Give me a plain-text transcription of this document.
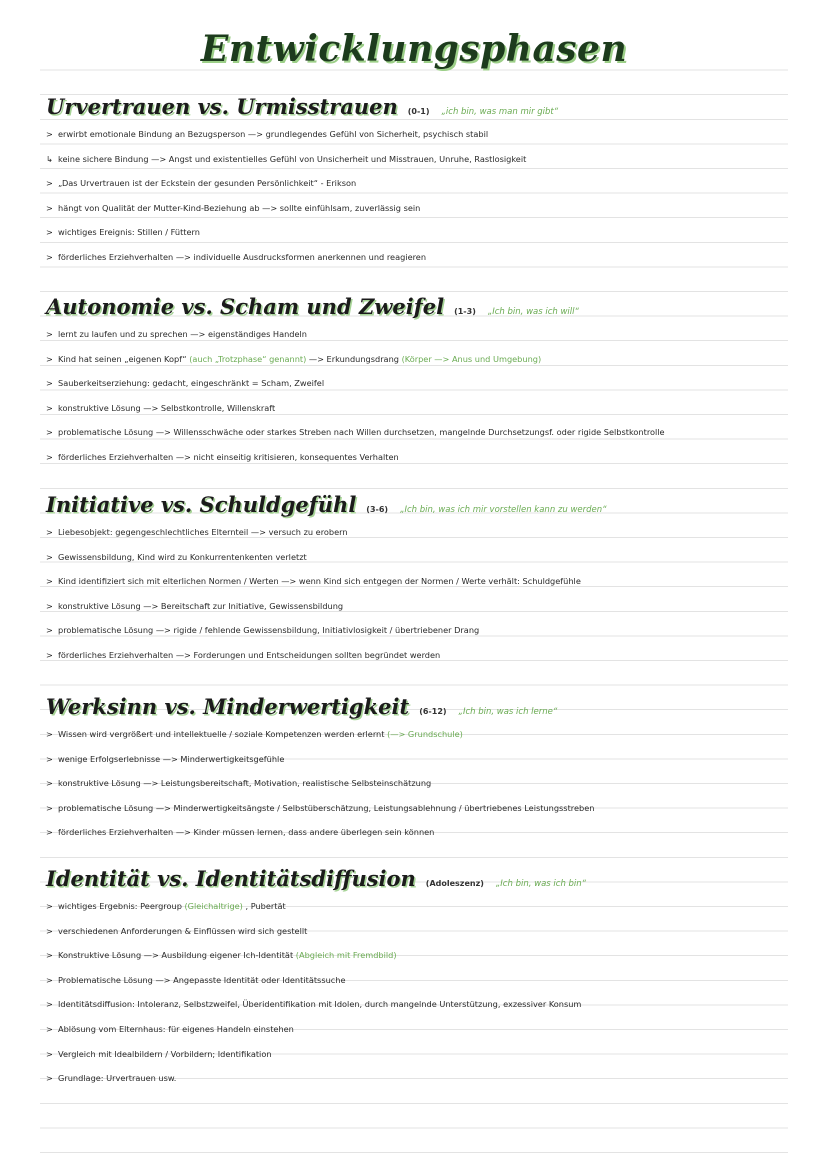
Entwicklungsphasen
Urvertrauen vs. Urmisstrauen (0-1) „ich bin, was man mir gibt“
> erwirbt emotionale Bindung an Bezugsperson —> grundlegendes Gefühl von Sicherheit, psychisch stabil
↳ keine sichere Bindung —> Angst und existentielles Gefühl von Unsicherheit und Misstrauen, Unruhe, Rastlosigkeit
> „Das Urvertrauen ist der Eckstein der gesunden Persönlichkeit“ - Erikson
> hängt von Qualität der Mutter-Kind-Beziehung ab —> sollte einfühlsam, zuverlässig sein
> wichtiges Ereignis: Stillen / Füttern
> förderliches Erziehverhalten —> individuelle Ausdrucksformen anerkennen und reagieren
Autonomie vs. Scham und Zweifel (1-3) „Ich bin, was ich will“
> lernt zu laufen und zu sprechen —> eigenständiges Handeln
> Kind hat seinen „eigenen Kopf“ (auch „Trotzphase“ genannt) —> Erkundungsdrang (Körper —> Anus und Umgebung)
> Sauberkeitserziehung: gedacht, eingeschränkt = Scham, Zweifel
> konstruktive Lösung —> Selbstkontrolle, Willenskraft
> problematische Lösung —> Willensschwäche oder starkes Streben nach Willen durchsetzen, mangelnde Durchsetzungsf. oder rigide Selbstkontrolle
> förderliches Erziehverhalten —> nicht einseitig kritisieren, konsequentes Verhalten
Initiative vs. Schuldgefühl (3-6) „Ich bin, was ich mir vorstellen kann zu werden“
> Liebesobjekt: gegengeschlechtliches Elternteil —> versuch zu erobern
> Gewissensbildung, Kind wird zu Konkurrentenkenten verletzt
> Kind identifiziert sich mit elterlichen Normen / Werten —> wenn Kind sich entgegen der Normen / Werte verhält: Schuldgefühle
> konstruktive Lösung —> Bereitschaft zur Initiative, Gewissensbildung
> problematische Lösung —> rigide / fehlende Gewissensbildung, Initiativlosigkeit / übertriebener Drang
> förderliches Erziehverhalten —> Forderungen und Entscheidungen sollten begründet werden
Werksinn vs. Minderwertigkeit (6-12) „Ich bin, was ich lerne“
> Wissen wird vergrößert und intellektuelle / soziale Kompetenzen werden erlernt (—> Grundschule)
> wenige Erfolgserlebnisse —> Minderwertigkeitsgefühle
> konstruktive Lösung —> Leistungsbereitschaft, Motivation, realistische Selbsteinschätzung
> problematische Lösung —> Minderwertigkeitsängste / Selbstüberschätzung, Leistungsablehnung / übertriebenes Leistungsstreben
> förderliches Erziehverhalten —> Kinder müssen lernen, dass andere überlegen sein können
Identität vs. Identitätsdiffusion (Adoleszenz) „Ich bin, was ich bin“
> wichtiges Ergebnis: Peergroup (Gleichaltrige) , Pubertät
> verschiedenen Anforderungen & Einflüssen wird sich gestellt
> Konstruktive Lösung —> Ausbildung eigener Ich-Identität (Abgleich mit Fremdbild)
> Problematische Lösung —> Angepasste Identität oder Identitätssuche
> Identitätsdiffusion: Intoleranz, Selbstzweifel, Überidentifikation mit Idolen, durch mangelnde Unterstützung, exzessiver Konsum
> Ablösung vom Elternhaus: für eigenes Handeln einstehen
> Vergleich mit Idealbildern / Vorbildern; Identifikation
> Grundlage: Urvertrauen usw.
